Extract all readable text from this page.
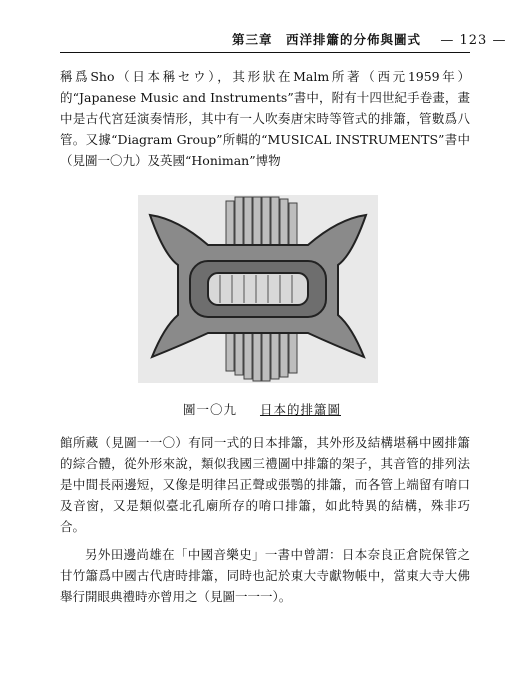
第三章　西洋排簫的分佈與圖式 — 123 —

稱爲Sho（日本稱セウ），其形狀在Malm所著（西元1959年）的“Japanese Music and Instruments”書中，附有十四世紀手卷畫，畫中是古代宮廷演奏情形，其中有一人吹奏唐宋時等管式的排簫，管數爲八管。又據“Diagram Group”所輯的“MUSICAL INSTRUMENTS”書中（見圖一〇九）及英國“Honiman”博物

圖一〇九 日本的排簫圖

館所藏（見圖一一〇）有同一式的日本排簫，其外形及結構堪稱中國排簫的綜合體，從外形來說，類似我國三禮圖中排簫的架子，其音管的排列法是中間長兩邊短，又像是明律呂正聲或張鶚的排簫，而各管上端留有唷口及音窗，又是類似臺北孔廟所存的唷口排簫，如此特異的結構，殊非巧合。

另外田邊尚雄在「中國音樂史」一書中曾謂：日本奈良正倉院保管之甘竹簫爲中國古代唐時排簫，同時也記於東大寺獻物帳中，當東大寺大佛舉行開眼典禮時亦曾用之（見圖一一一）。
